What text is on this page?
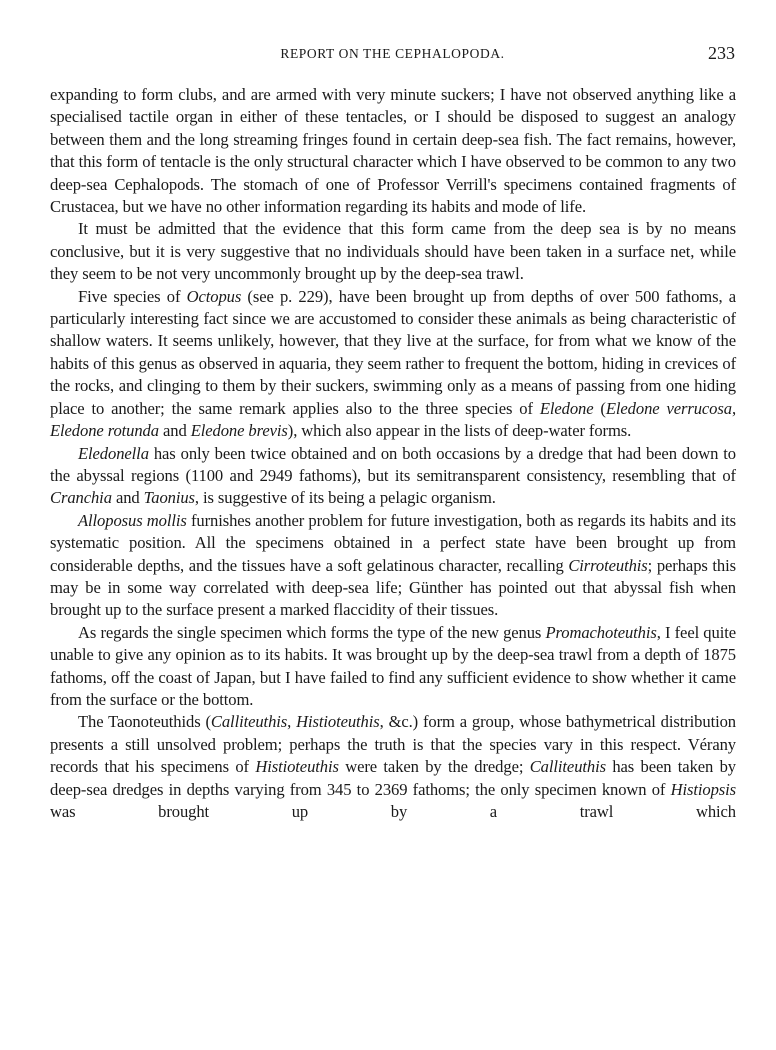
REPORT ON THE CEPHALOPODA.	233

expanding to form clubs, and are armed with very minute suckers; I have not observed anything like a specialised tactile organ in either of these tentacles, or I should be disposed to suggest an analogy between them and the long streaming fringes found in certain deep-sea fish. The fact remains, however, that this form of tentacle is the only structural character which I have observed to be common to any two deep-sea Cephalopods. The stomach of one of Professor Verrill's specimens contained fragments of Crustacea, but we have no other information regarding its habits and mode of life.

It must be admitted that the evidence that this form came from the deep sea is by no means conclusive, but it is very suggestive that no individuals should have been taken in a surface net, while they seem to be not very uncommonly brought up by the deep-sea trawl.

Five species of Octopus (see p. 229), have been brought up from depths of over 500 fathoms, a particularly interesting fact since we are accustomed to consider these animals as being characteristic of shallow waters. It seems unlikely, however, that they live at the surface, for from what we know of the habits of this genus as observed in aquaria, they seem rather to frequent the bottom, hiding in crevices of the rocks, and clinging to them by their suckers, swimming only as a means of passing from one hiding place to another; the same remark applies also to the three species of Eledone (Eledone verrucosa, Eledone rotunda and Eledone brevis), which also appear in the lists of deep-water forms.

Eledonella has only been twice obtained and on both occasions by a dredge that had been down to the abyssal regions (1100 and 2949 fathoms), but its semitransparent consistency, resembling that of Cranchia and Taonius, is suggestive of its being a pelagic organism.

Alloposus mollis furnishes another problem for future investigation, both as regards its habits and its systematic position. All the specimens obtained in a perfect state have been brought up from considerable depths, and the tissues have a soft gelatinous character, recalling Cirroteuthis; perhaps this may be in some way correlated with deep-sea life; Günther has pointed out that abyssal fish when brought up to the surface present a marked flaccidity of their tissues.

As regards the single specimen which forms the type of the new genus Promachoteuthis, I feel quite unable to give any opinion as to its habits. It was brought up by the deep-sea trawl from a depth of 1875 fathoms, off the coast of Japan, but I have failed to find any sufficient evidence to show whether it came from the surface or the bottom.

The Taonoteuthids (Calliteuthis, Histioteuthis, &c.) form a group, whose bathymetrical distribution presents a still unsolved problem; perhaps the truth is that the species vary in this respect. Vérany records that his specimens of Histioteuthis were taken by the dredge; Calliteuthis has been taken by deep-sea dredges in depths varying from 345 to 2369 fathoms; the only specimen known of Histiopsis was brought up by a trawl which
